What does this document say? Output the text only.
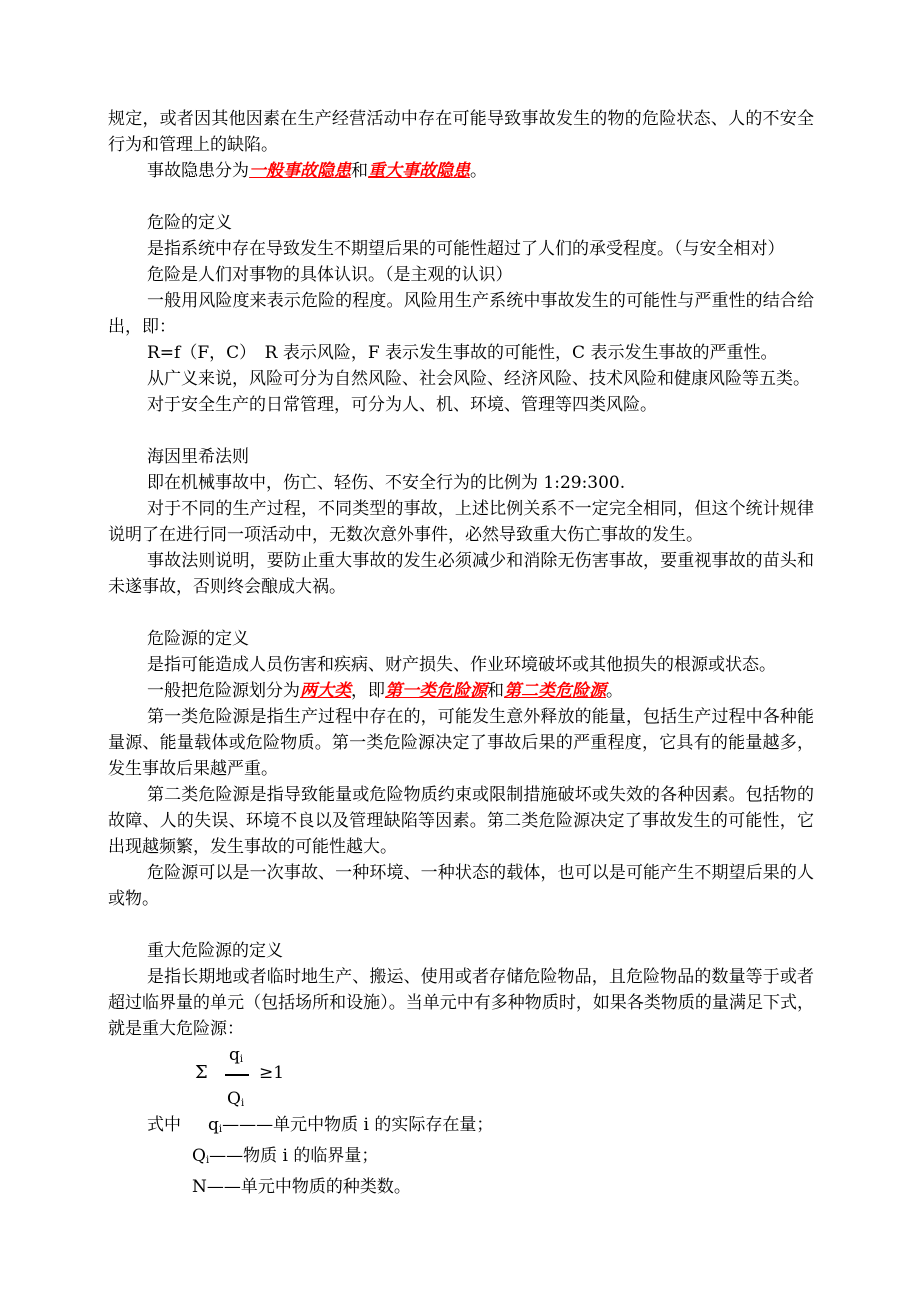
规定，或者因其他因素在生产经营活动中存在可能导致事故发生的物的危险状态、人的不安全行为和管理上的缺陷。

事故隐患分为一般事故隐患和重大事故隐患。

危险的定义

是指系统中存在导致发生不期望后果的可能性超过了人们的承受程度。（与安全相对）

危险是人们对事物的具体认识。（是主观的认识）

一般用风险度来表示危险的程度。风险用生产系统中事故发生的可能性与严重性的结合给出，即：

R=f（F，C）　R 表示风险，F 表示发生事故的可能性，C 表示发生事故的严重性。

从广义来说，风险可分为自然风险、社会风险、经济风险、技术风险和健康风险等五类。

对于安全生产的日常管理，可分为人、机、环境、管理等四类风险。

海因里希法则

即在机械事故中，伤亡、轻伤、不安全行为的比例为 1:29:300.

对于不同的生产过程，不同类型的事故，上述比例关系不一定完全相同，但这个统计规律说明了在进行同一项活动中，无数次意外事件，必然导致重大伤亡事故的发生。

事故法则说明，要防止重大事故的发生必须减少和消除无伤害事故，要重视事故的苗头和未遂事故，否则终会酿成大祸。

危险源的定义

是指可能造成人员伤害和疾病、财产损失、作业环境破坏或其他损失的根源或状态。

一般把危险源划分为两大类，即第一类危险源和第二类危险源。

第一类危险源是指生产过程中存在的，可能发生意外释放的能量，包括生产过程中各种能量源、能量载体或危险物质。第一类危险源决定了事故后果的严重程度，它具有的能量越多，发生事故后果越严重。

第二类危险源是指导致能量或危险物质约束或限制措施破坏或失效的各种因素。包括物的故障、人的失误、环境不良以及管理缺陷等因素。第二类危险源决定了事故发生的可能性，它出现越频繁，发生事故的可能性越大。

危险源可以是一次事故、一种环境、一种状态的载体，也可以是可能产生不期望后果的人或物。

重大危险源的定义

是指长期地或者临时地生产、搬运、使用或者存储危险物品，且危险物品的数量等于或者超过临界量的单元（包括场所和设施）。当单元中有多种物质时，如果各类物质的量满足下式，就是重大危险源：

Σ
$q_i$
≥1
$Q_i$

式中 $q_i———$单元中物质 i 的实际存在量；

$Q_i——$物质 i 的临界量；

N——单元中物质的种类数。
